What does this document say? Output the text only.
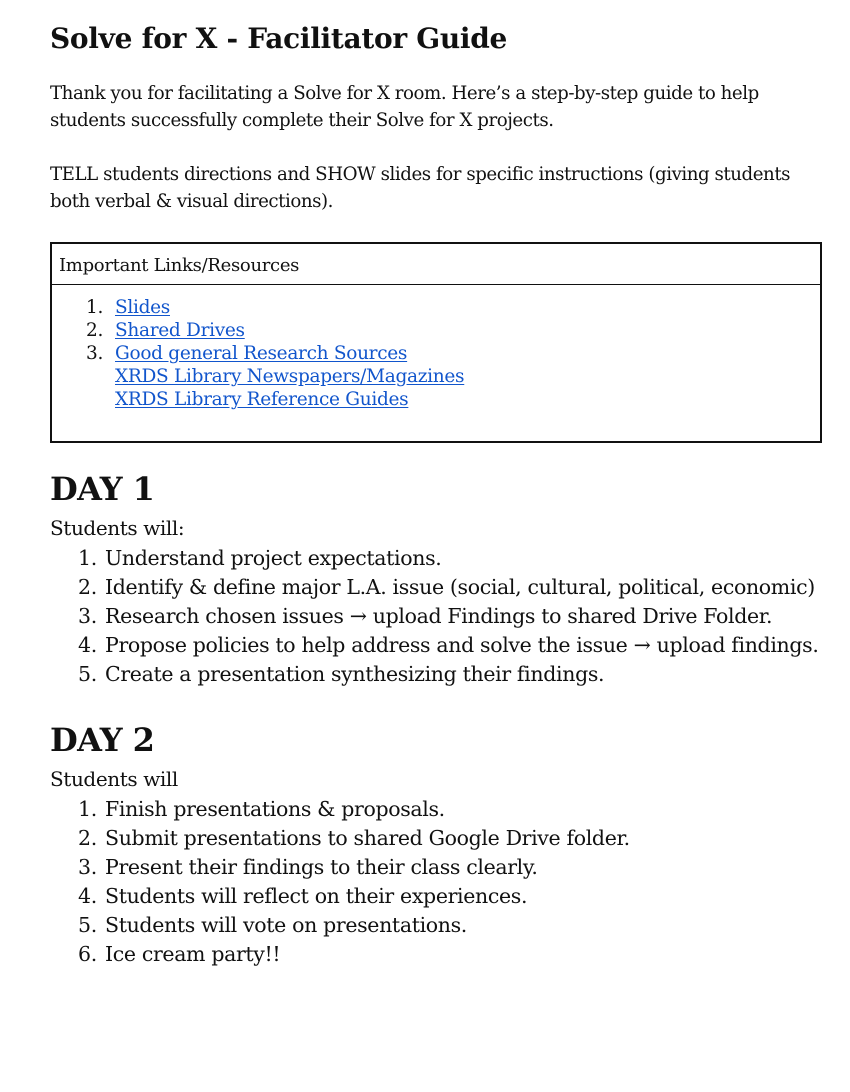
Solve for X - Facilitator Guide

Thank you for facilitating a Solve for X room. Here’s a step-by-step guide to help students successfully complete their Solve for X projects.

TELL students directions and SHOW slides for specific instructions (giving students both verbal & visual directions).

Important Links/Resources
1. Slides
2. Shared Drives
3. Good general Research Sources
XRDS Library Newspapers/Magazines
XRDS Library Reference Guides
DAY 1

Students will:

1. Understand project expectations.
2. Identify & define major L.A. issue (social, cultural, political, economic)
3. Research chosen issues → upload Findings to shared Drive Folder.
4. Propose policies to help address and solve the issue → upload findings.
5. Create a presentation synthesizing their findings.
DAY 2

Students will

1. Finish presentations & proposals.
2. Submit presentations to shared Google Drive folder.
3. Present their findings to their class clearly.
4. Students will reflect on their experiences.
5. Students will vote on presentations.
6. Ice cream party!!
